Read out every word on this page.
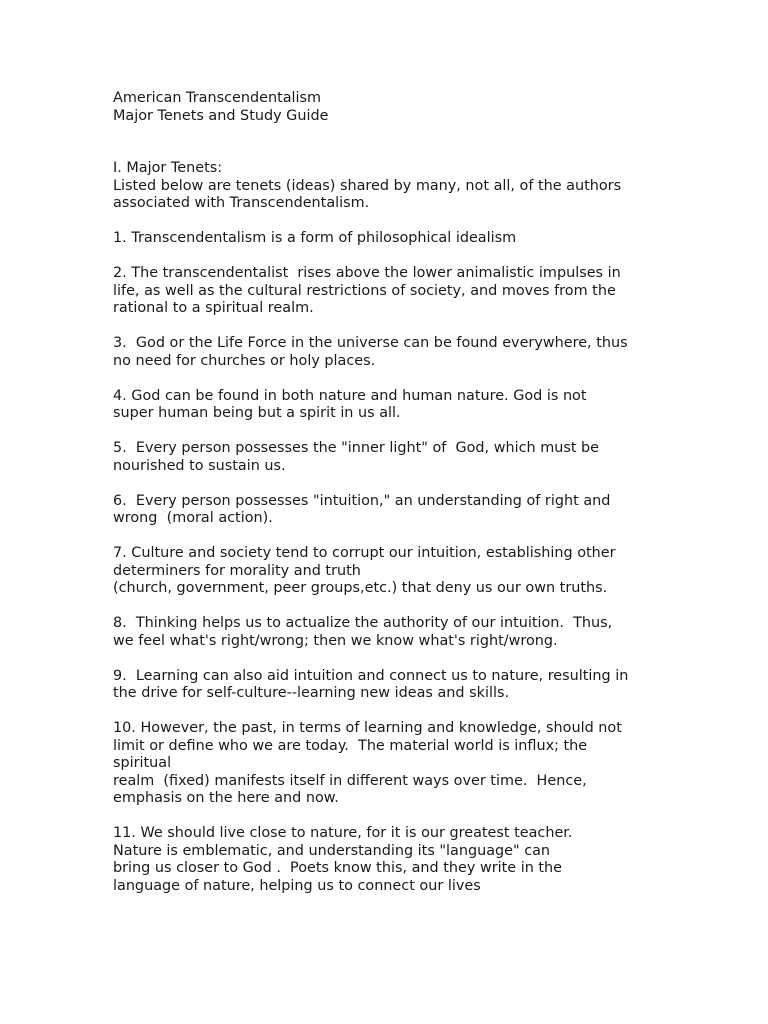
American Transcendentalism
Major Tenets and Study Guide
I. Major Tenets:
Listed below are tenets (ideas) shared by many, not all, of the authors
associated with Transcendentalism.
1. Transcendentalism is a form of philosophical idealism
2. The transcendentalist  rises above the lower animalistic impulses in
life, as well as the cultural restrictions of society, and moves from the
rational to a spiritual realm.
3.  God or the Life Force in the universe can be found everywhere, thus
no need for churches or holy places.
4. God can be found in both nature and human nature. God is not
super human being but a spirit in us all.
5.  Every person possesses the "inner light" of  God, which must be
nourished to sustain us.
6.  Every person possesses "intuition," an understanding of right and
wrong  (moral action).
7. Culture and society tend to corrupt our intuition, establishing other
determiners for morality and truth
(church, government, peer groups,etc.) that deny us our own truths.
8.  Thinking helps us to actualize the authority of our intuition.  Thus,
we feel what's right/wrong; then we know what's right/wrong.
9.  Learning can also aid intuition and connect us to nature, resulting in
the drive for self-culture--learning new ideas and skills.
10. However, the past, in terms of learning and knowledge, should not
limit or define who we are today.  The material world is influx; the
spiritual
realm  (fixed) manifests itself in different ways over time.  Hence,
emphasis on the here and now.
11. We should live close to nature, for it is our greatest teacher.
Nature is emblematic, and understanding its "language" can
bring us closer to God .  Poets know this, and they write in the
language of nature, helping us to connect our lives
